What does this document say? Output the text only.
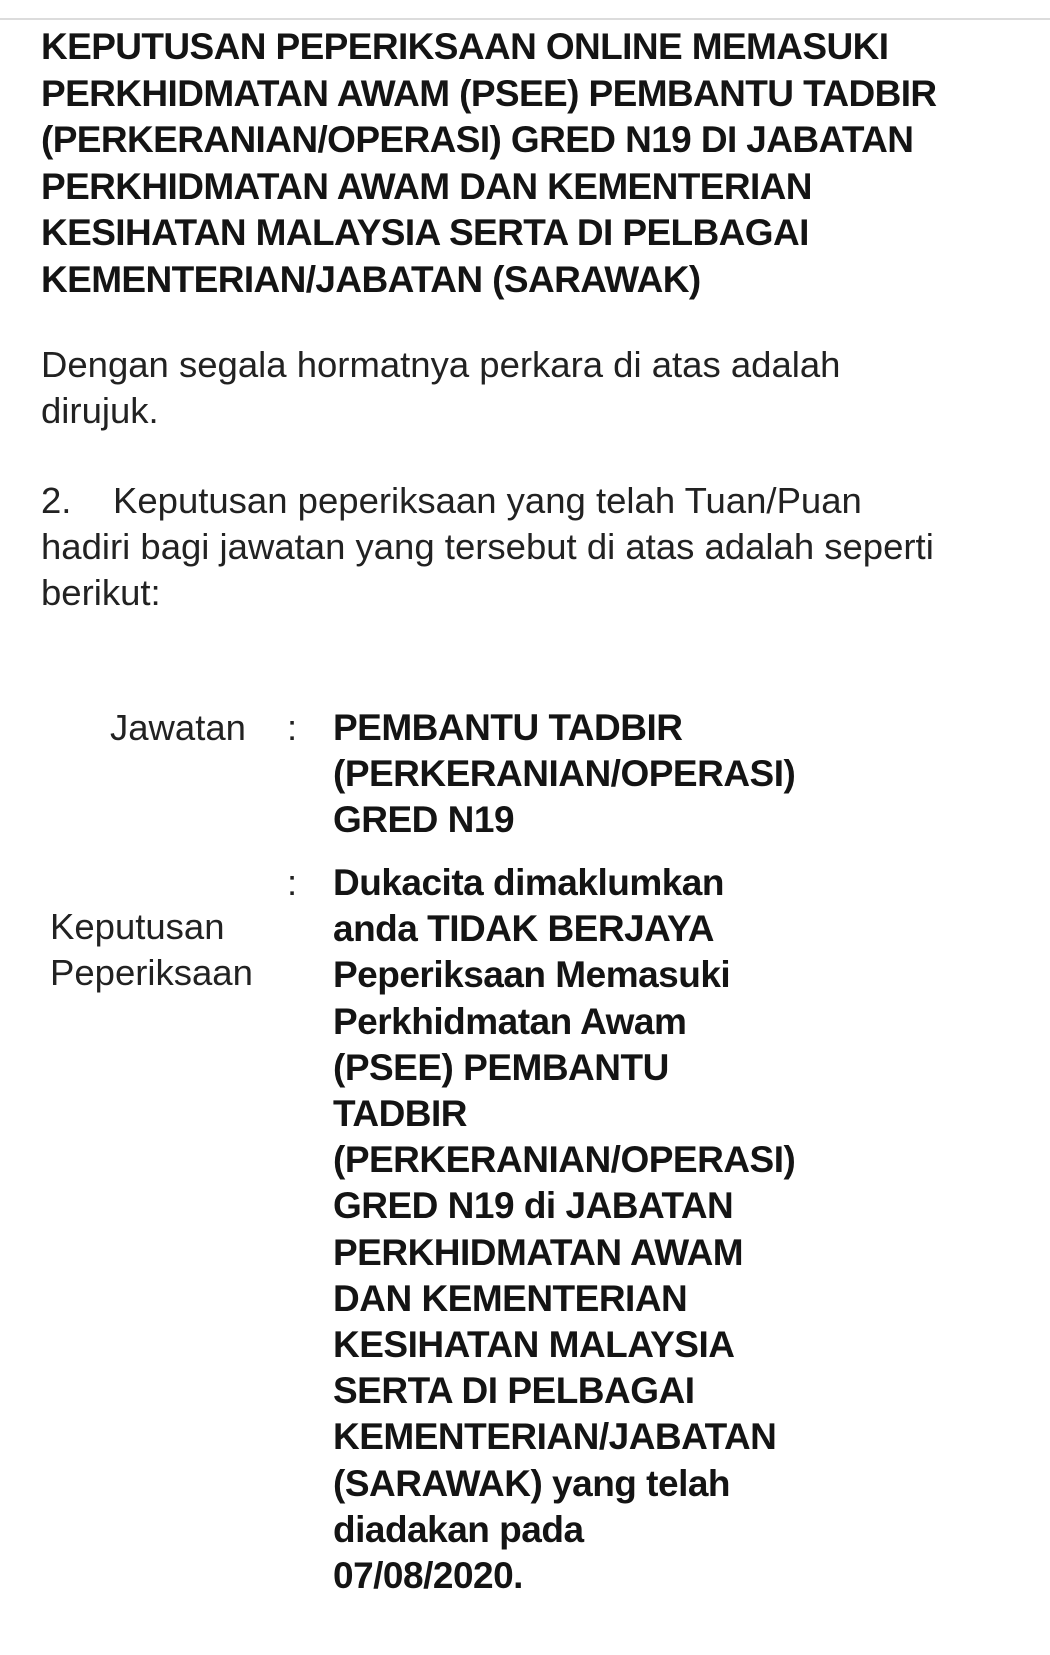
KEPUTUSAN PEPERIKSAAN ONLINE MEMASUKI PERKHIDMATAN AWAM (PSEE) PEMBANTU TADBIR (PERKERANIAN/OPERASI) GRED N19 DI JABATAN PERKHIDMATAN AWAM DAN KEMENTERIAN KESIHATAN MALAYSIA SERTA DI PELBAGAI KEMENTERIAN/JABATAN (SARAWAK)

Dengan segala hormatnya perkara di atas adalah dirujuk.

2. Keputusan peperiksaan yang telah Tuan/Puan hadiri bagi jawatan yang tersebut di atas adalah seperti berikut:

Jawatan : PEMBANTU TADBIR
(PERKERANIAN/OPERASI)
GRED N19
:
Keputusan
Peperiksaan
Dukacita dimaklumkan
anda TIDAK BERJAYA
Peperiksaan Memasuki
Perkhidmatan Awam
(PSEE) PEMBANTU
TADBIR
(PERKERANIAN/OPERASI)
GRED N19 di JABATAN
PERKHIDMATAN AWAM
DAN KEMENTERIAN
KESIHATAN MALAYSIA
SERTA DI PELBAGAI
KEMENTERIAN/JABATAN
(SARAWAK) yang telah
diadakan pada
07/08/2020.
